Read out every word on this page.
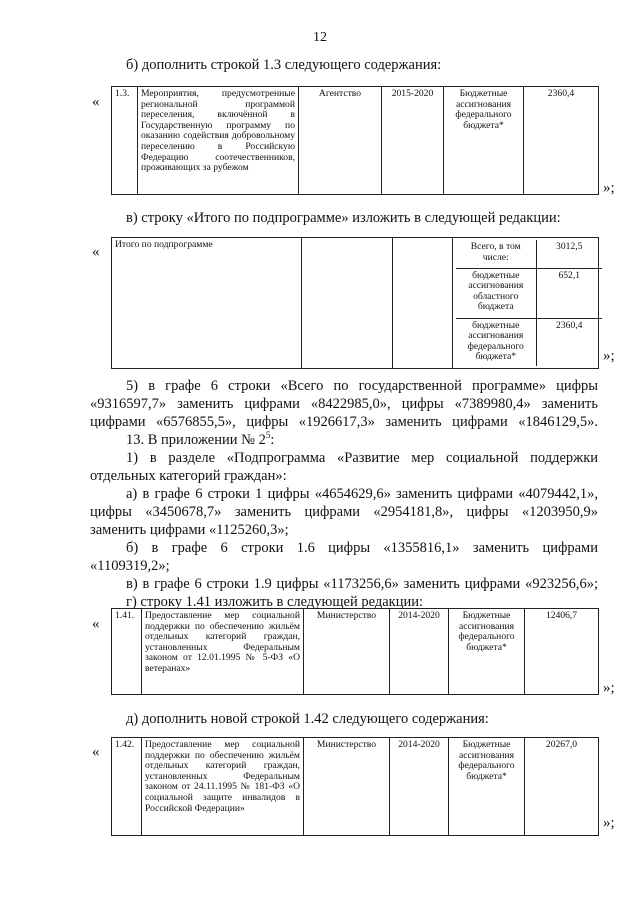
12
б) дополнить строкой 1.3 следующего содержания:
«
1.3.	Мероприятия, предусмотренные региональной программой переселения, включённой в Государственную программу по оказанию содействия добровольному переселению в Российскую Федерацию соотечественников, проживающих за рубежом	Агентство	2015-2020	Бюджетные ассигнования федерального бюджета*	2360,4
»;
в) строку «Итого по подпрограмме» изложить в следующей редакции:
« Итого по подпрограмме				Всего, в том числе:	3012,5
бюджетные ассигнования областного бюджета	652,1
бюджетные ассигнования федерального бюджета*	2360,4
»;
5) в графе 6 строки «Всего по государственной программе» цифры
«9316597,7» заменить цифрами «8422985,0», цифры «7389980,4» заменить
цифрами «6576855,5», цифры «1926617,3» заменить цифрами «1846129,5».
13. В приложении № $2^5$:
1) в разделе «Подпрограмма «Развитие мер социальной поддержки
отдельных категорий граждан»:
а) в графе 6 строки 1 цифры «4654629,6» заменить цифрами «4079442,1»,
цифры «3450678,7» заменить цифрами «2954181,8», цифры «1203950,9»
заменить цифрами «1125260,3»;
б) в графе 6 строки 1.6 цифры «1355816,1» заменить цифрами
«1109319,2»;
в) в графе 6 строки 1.9 цифры «1173256,6» заменить цифрами «923256,6»;
г) строку 1.41 изложить в следующей редакции:
«
1.41.	Предоставление мер социальной поддержки по обеспечению жильём отдельных категорий граждан, установленных Федеральным законом от 12.01.1995 № 5-ФЗ «О ветеранах»	Министерство	2014-2020	Бюджетные ассигнования федерального бюджета*	12406,7
»;
д) дополнить новой строкой 1.42 следующего содержания:
« 1.42.	Предоставление мер социальной поддержки по обеспечению жильём отдельных категорий граждан, установленных Федеральным законом от 24.11.1995 № 181-ФЗ «О социальной защите инвалидов в Российской Федерации»	Министерство	2014-2020	Бюджетные ассигнования федерального бюджета*	20267,0
»;
